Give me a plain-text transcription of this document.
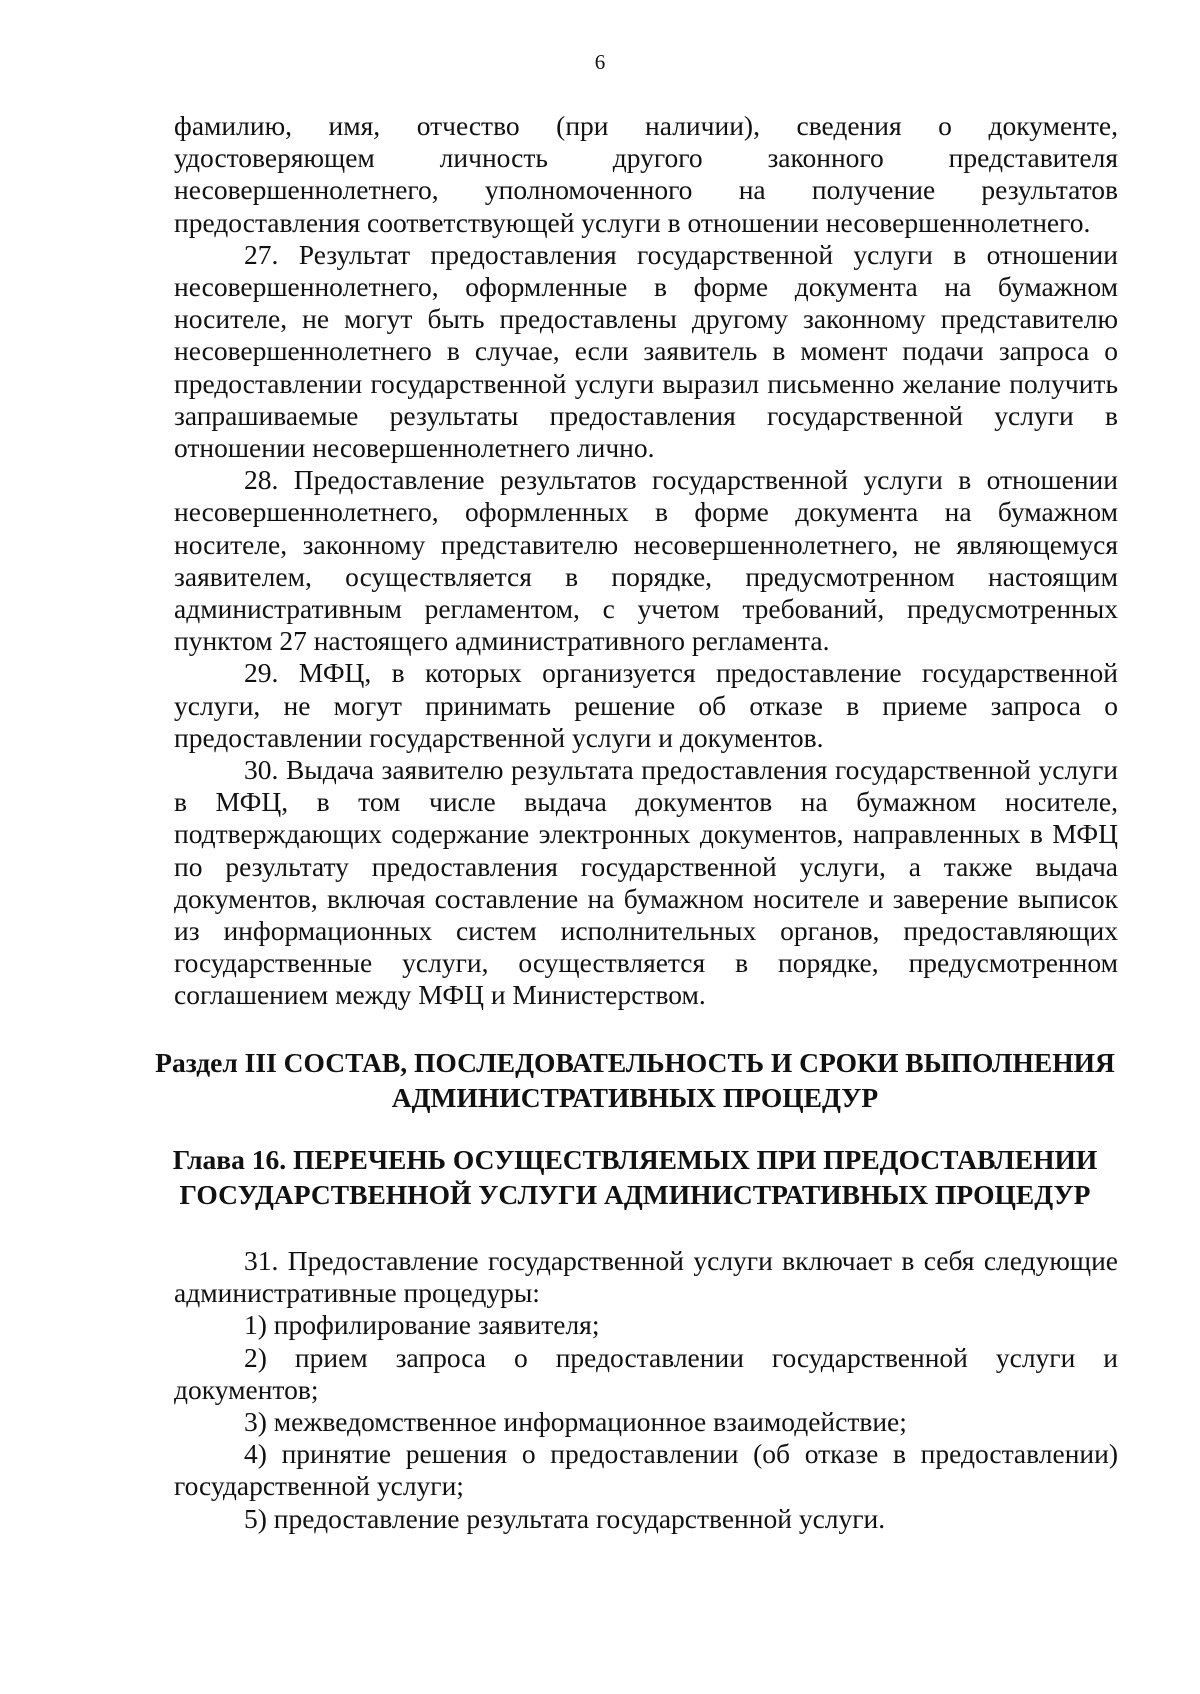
6

фамилию, имя, отчество (при наличии), сведения о документе, удостоверяющем личность другого законного представителя несовершеннолетнего, уполномоченного на получение результатов предоставления соответствующей услуги в отношении несовершеннолетнего.

27. Результат предоставления государственной услуги в отношении несовершеннолетнего, оформленные в форме документа на бумажном носителе, не могут быть предоставлены другому законному представителю несовершеннолетнего в случае, если заявитель в момент подачи запроса о предоставлении государственной услуги выразил письменно желание получить запрашиваемые результаты предоставления государственной услуги в отношении несовершеннолетнего лично.

28. Предоставление результатов государственной услуги в отношении несовершеннолетнего, оформленных в форме документа на бумажном носителе, законному представителю несовершеннолетнего, не являющемуся заявителем, осуществляется в порядке, предусмотренном настоящим административным регламентом, с учетом требований, предусмотренных пунктом 27 настоящего административного регламента.

29. МФЦ, в которых организуется предоставление государственной услуги, не могут принимать решение об отказе в приеме запроса о предоставлении государственной услуги и документов.

30. Выдача заявителю результата предоставления государственной услуги в МФЦ, в том числе выдача документов на бумажном носителе, подтверждающих содержание электронных документов, направленных в МФЦ по результату предоставления государственной услуги, а также выдача документов, включая составление на бумажном носителе и заверение выписок из информационных систем исполнительных органов, предоставляющих государственные услуги, осуществляется в порядке, предусмотренном соглашением между МФЦ и Министерством.

Раздел III СОСТАВ, ПОСЛЕДОВАТЕЛЬНОСТЬ И СРОКИ ВЫПОЛНЕНИЯ
АДМИНИСТРАТИВНЫХ ПРОЦЕДУР
Глава 16. ПЕРЕЧЕНЬ ОСУЩЕСТВЛЯЕМЫХ ПРИ ПРЕДОСТАВЛЕНИИ
ГОСУДАРСТВЕННОЙ УСЛУГИ АДМИНИСТРАТИВНЫХ ПРОЦЕДУР

31. Предоставление государственной услуги включает в себя следующие административные процедуры:

1) профилирование заявителя;

2) прием запроса о предоставлении государственной услуги и документов;

3) межведомственное информационное взаимодействие;

4) принятие решения о предоставлении (об отказе в предоставлении) государственной услуги;

5) предоставление результата государственной услуги.
